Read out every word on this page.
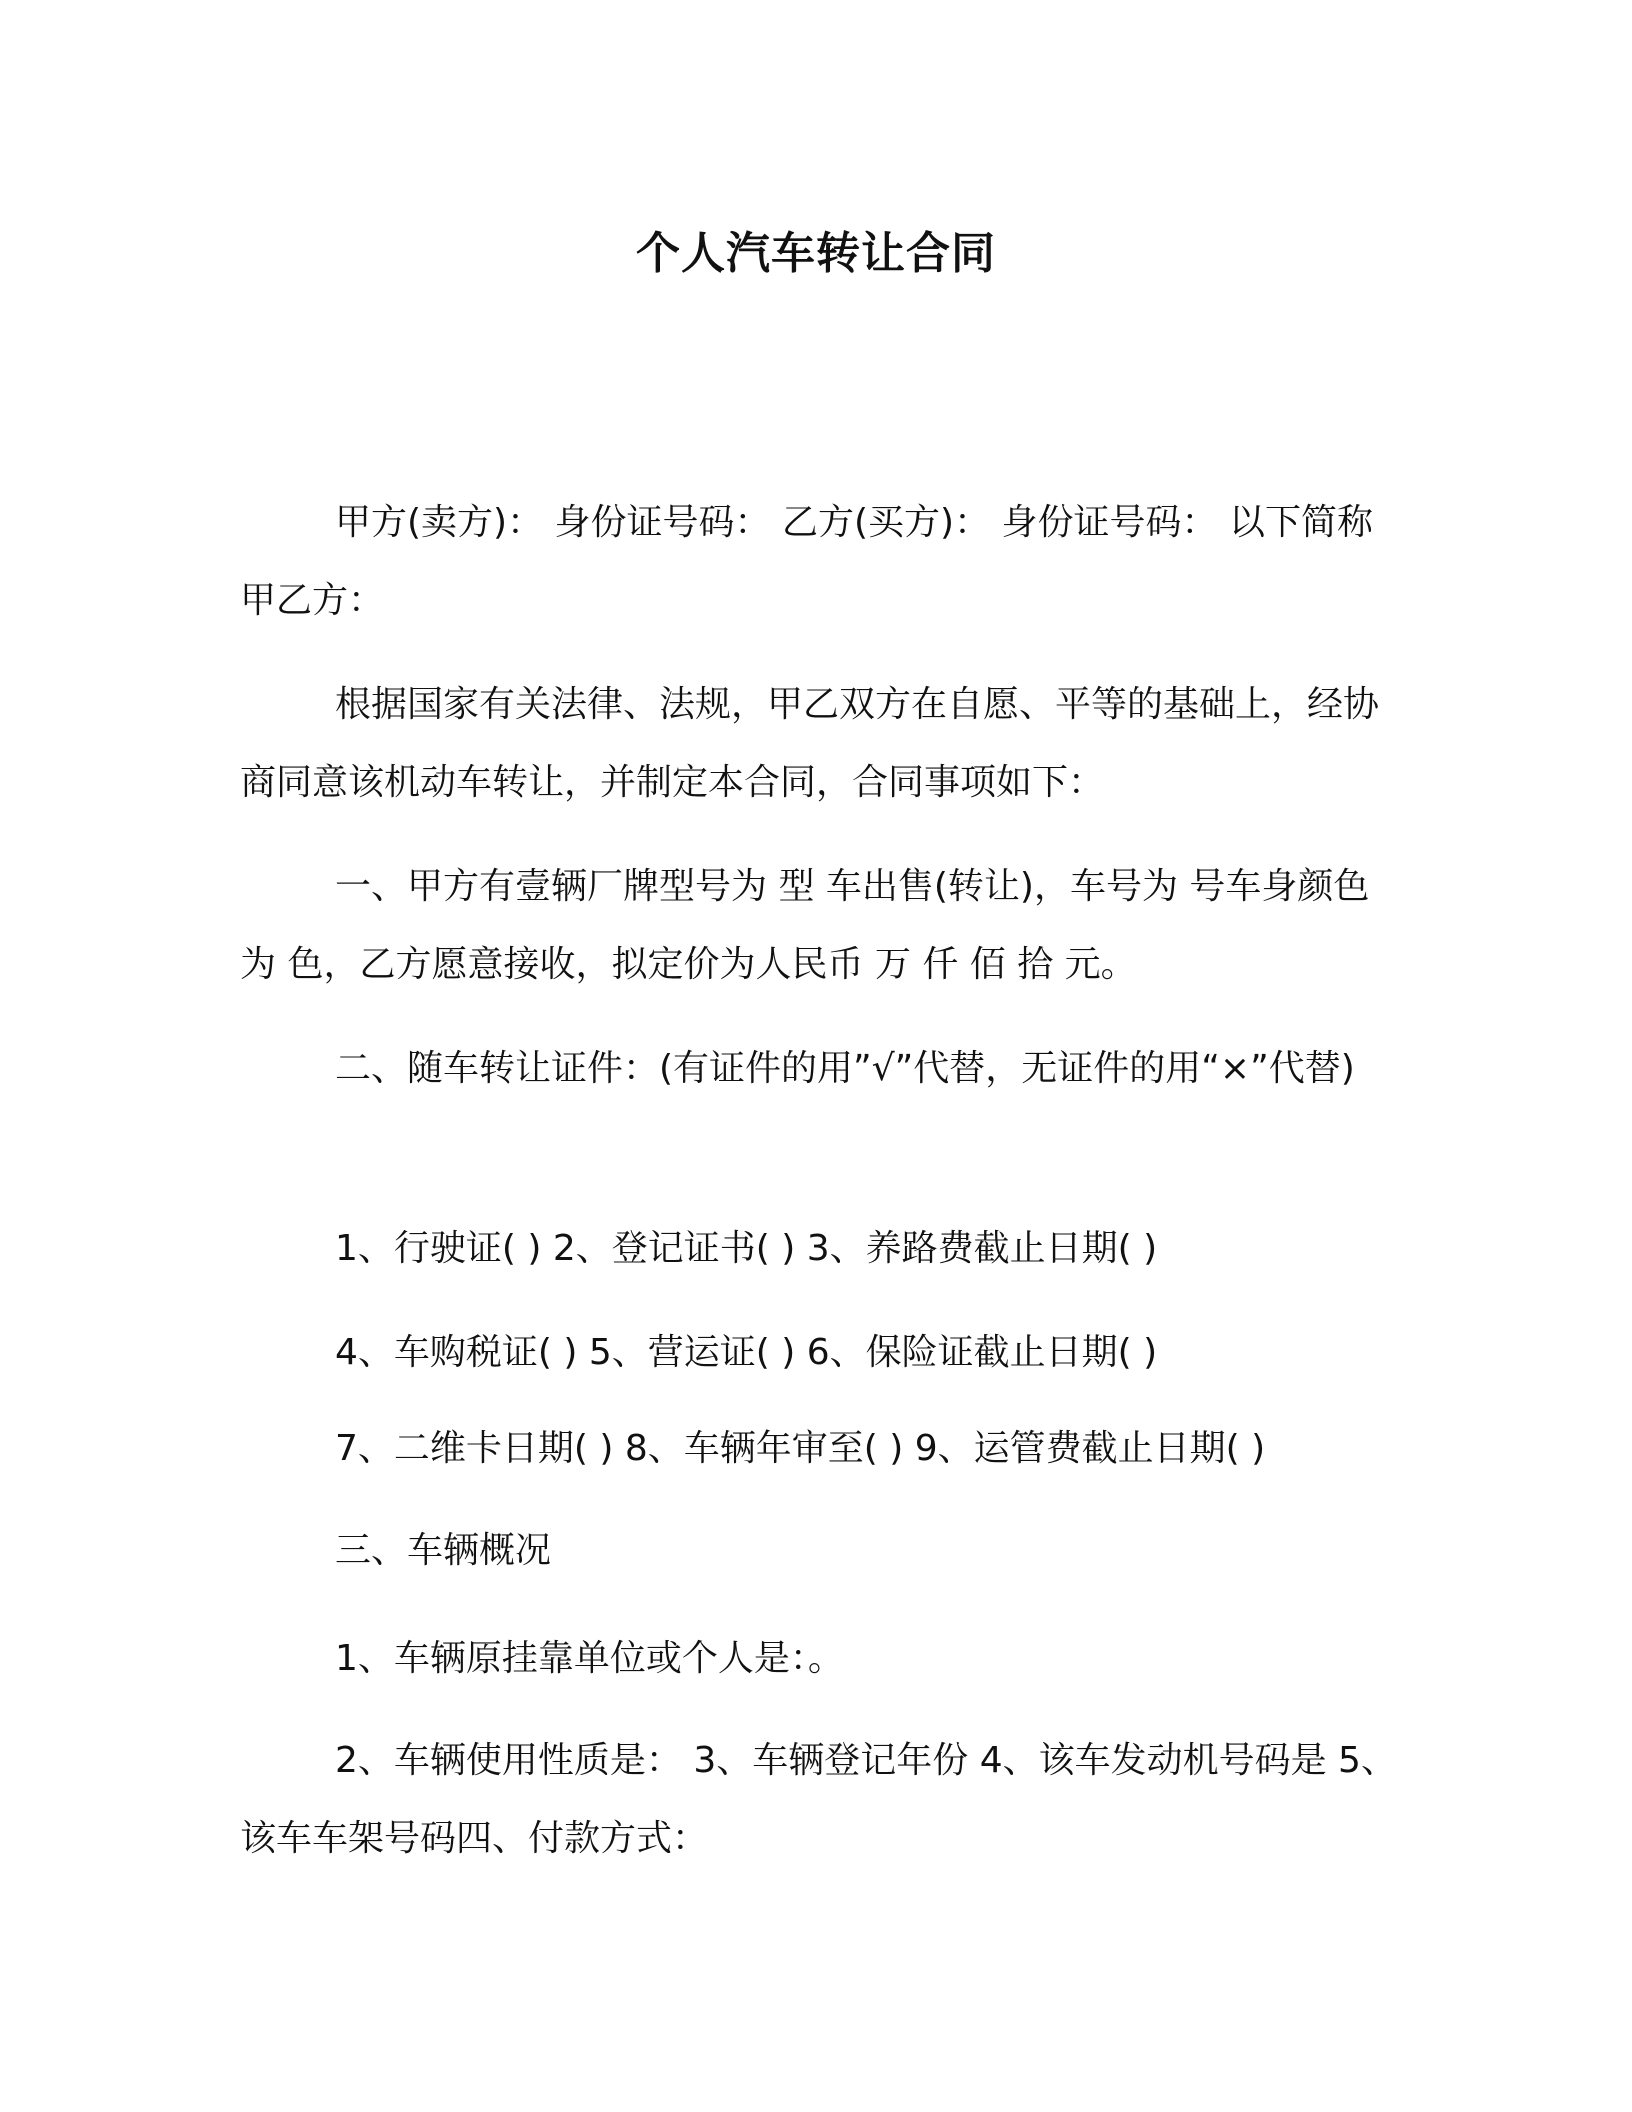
个人汽车转让合同

甲方(卖方)： 身份证号码： 乙方(买方)： 身份证号码： 以下简称甲乙方：

根据国家有关法律、法规，甲乙双方在自愿、平等的基础上，经协商同意该机动车转让，并制定本合同，合同事项如下：

一、甲方有壹辆厂牌型号为 型 车出售(转让)，车号为 号车身颜色为 色，乙方愿意接收，拟定价为人民币 万 仟 佰 拾 元。

二、随车转让证件：(有证件的用”√”代替，无证件的用“×”代替)

1、行驶证( ) 2、登记证书( ) 3、养路费截止日期( )

4、车购税证( ) 5、营运证( ) 6、保险证截止日期( )

7、二维卡日期( ) 8、车辆年审至( ) 9、运管费截止日期( )

三、车辆概况

1、车辆原挂靠单位或个人是：。

2、车辆使用性质是： 3、车辆登记年份 4、该车发动机号码是 5、该车车架号码四、付款方式：
